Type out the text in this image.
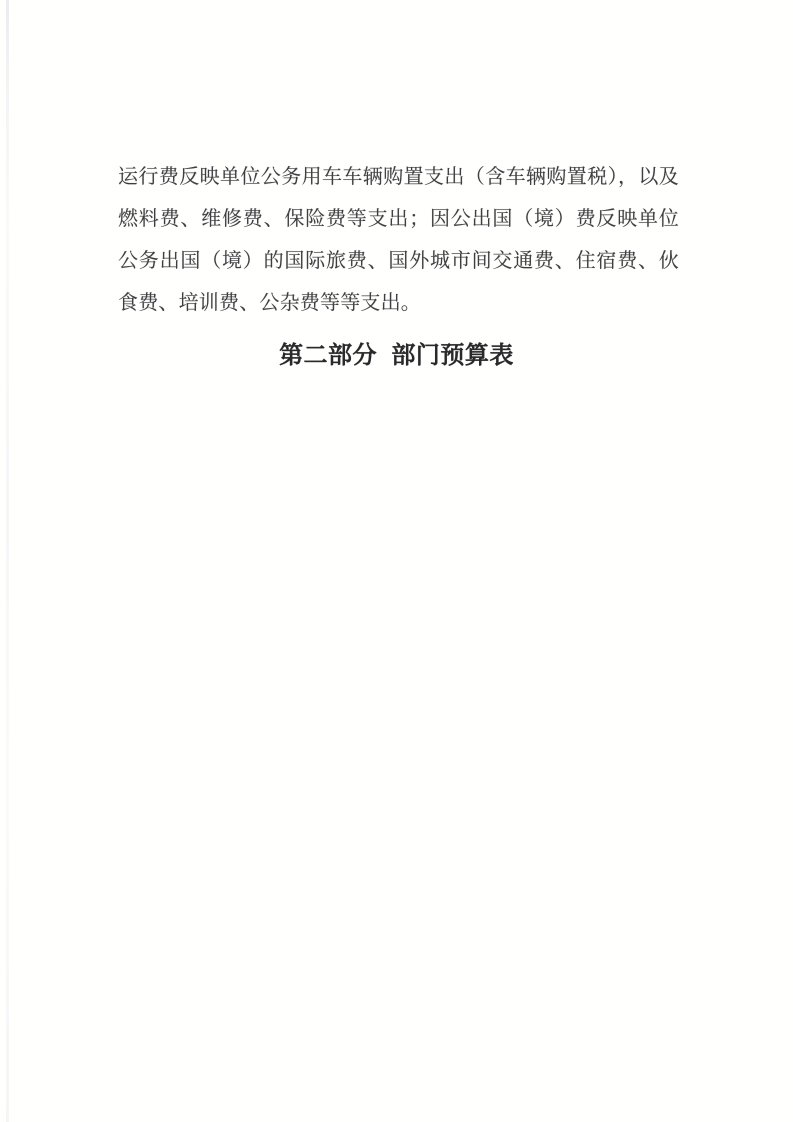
运行费反映单位公务用车车辆购置支出（含车辆购置税），以及
燃料费、维修费、保险费等支出；因公出国（境）费反映单位
公务出国（境）的国际旅费、国外城市间交通费、住宿费、伙
食费、培训费、公杂费等等支出。
第二部分 部门预算表
